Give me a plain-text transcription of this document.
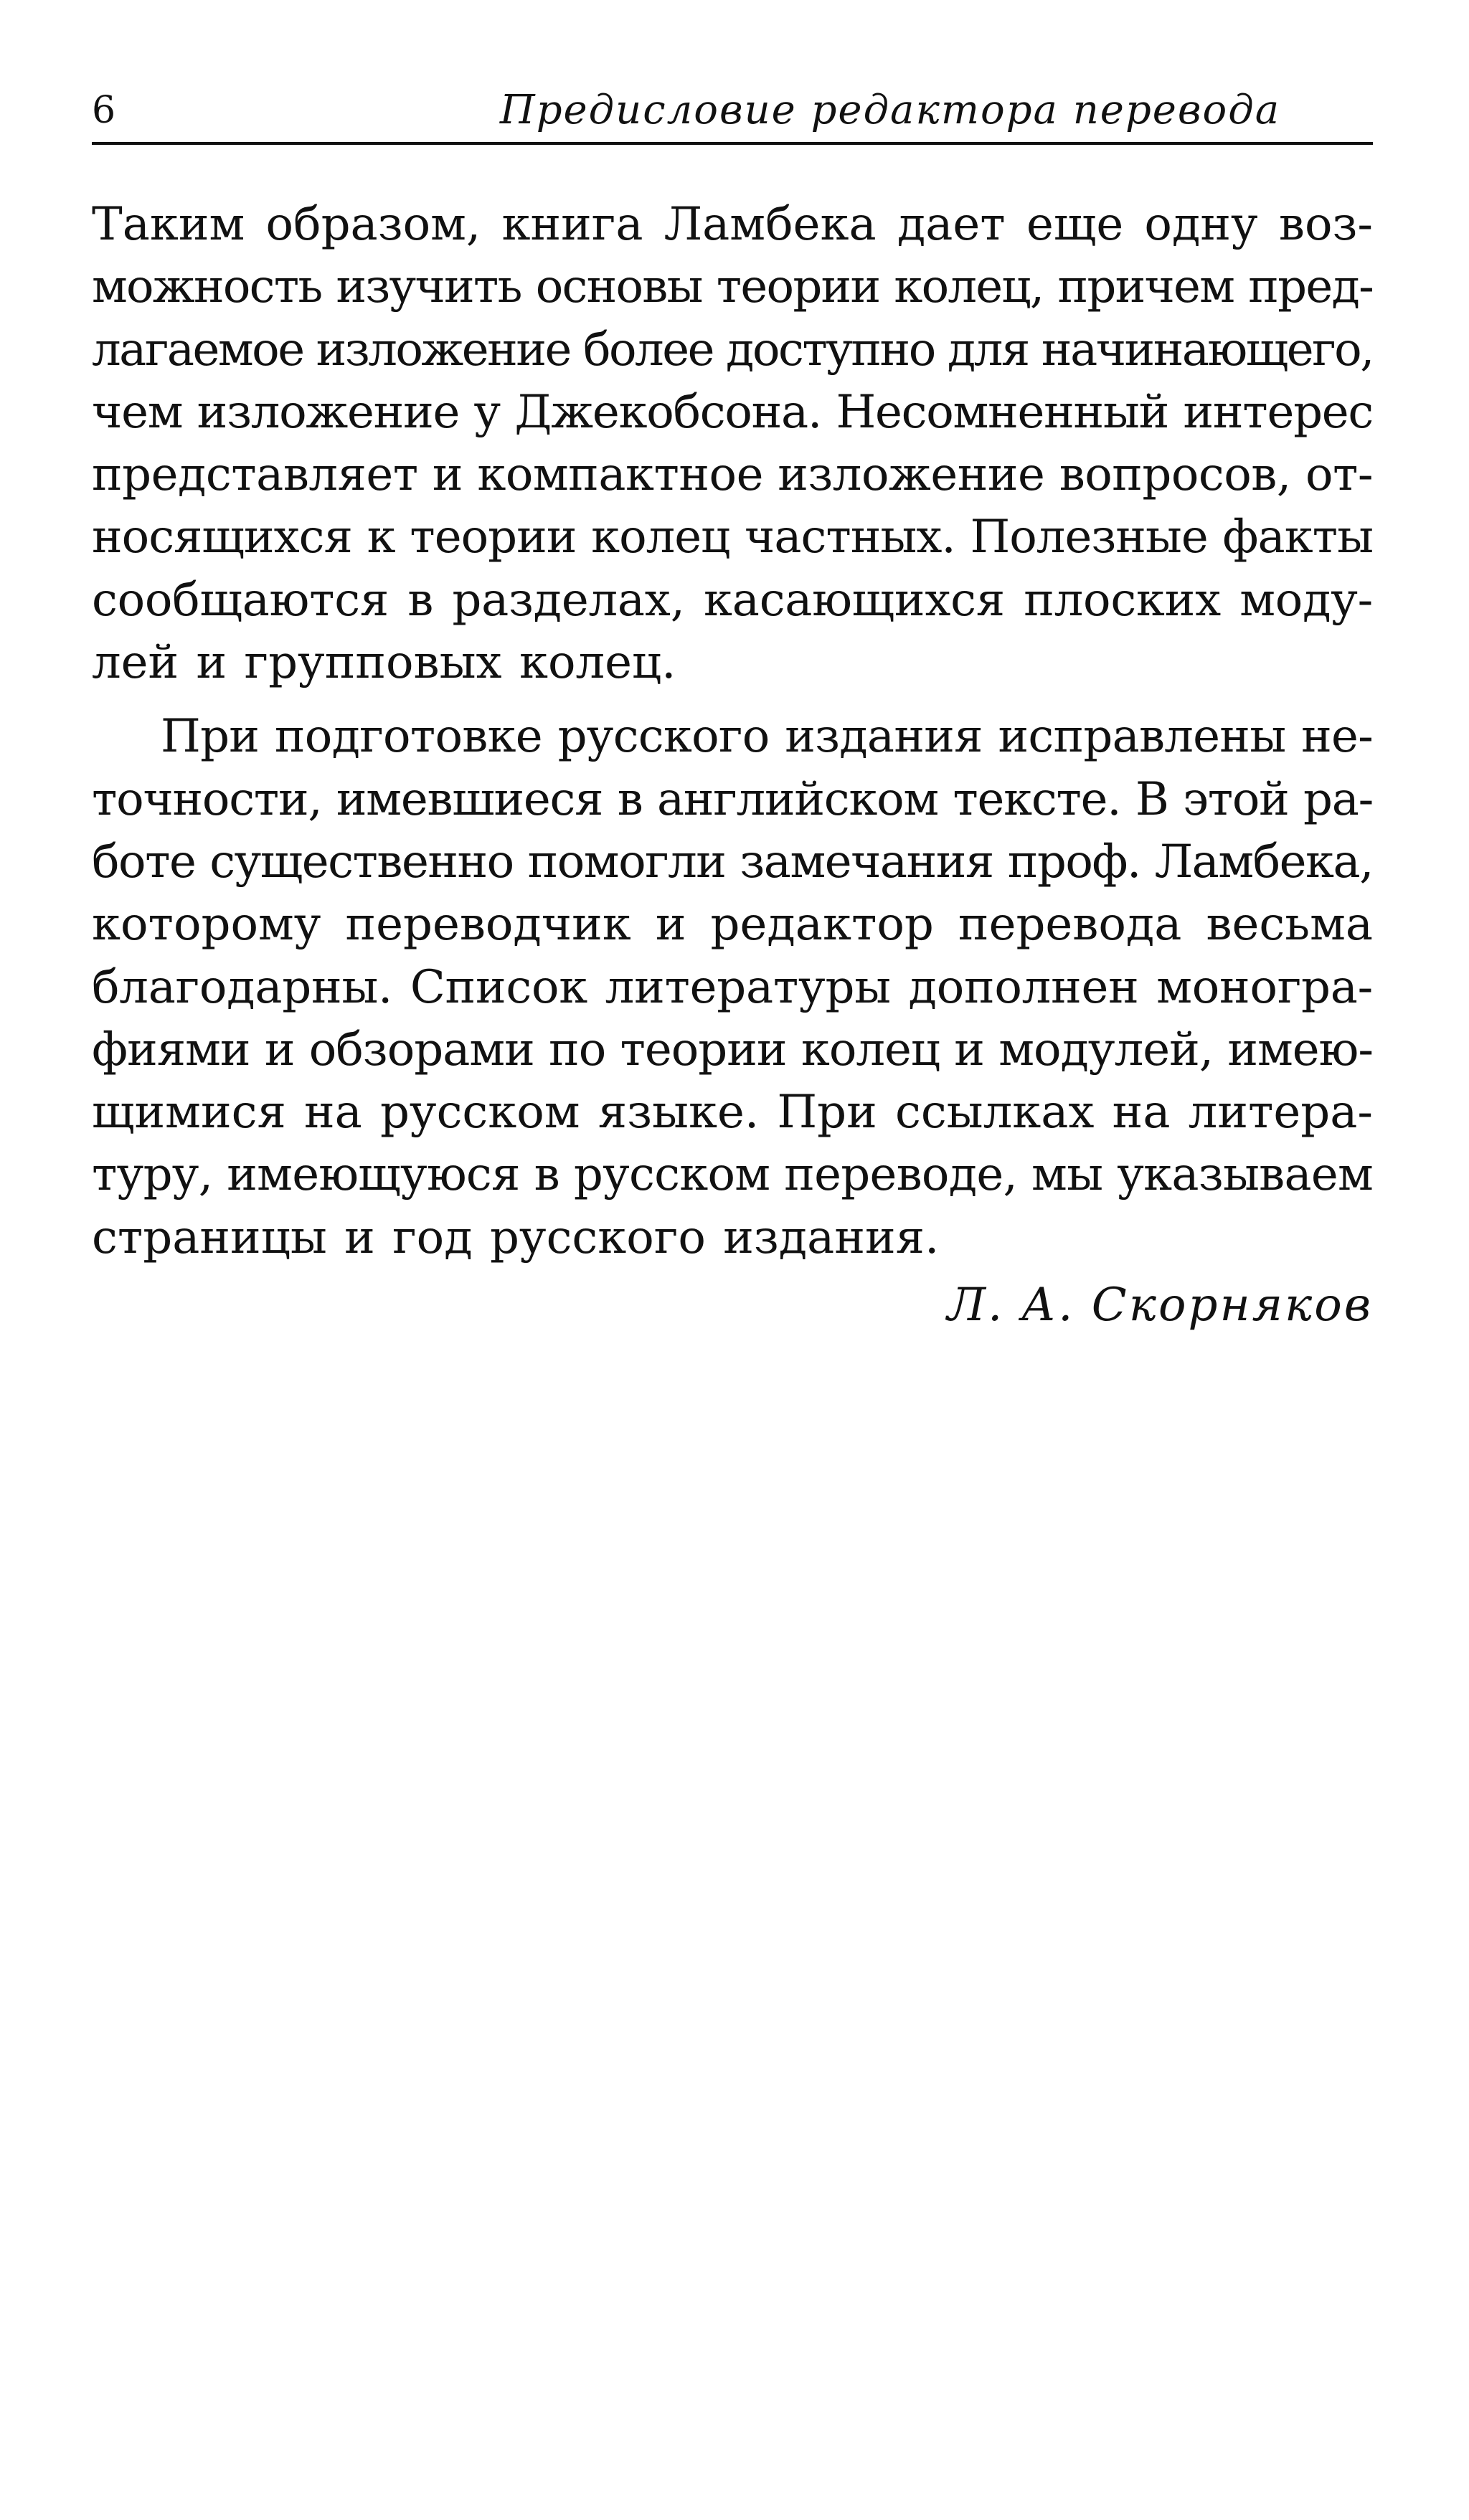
6	Предисловие редактора перевода
Таким образом, книга Ламбека дает еще одну воз-
можность изучить основы теории колец, причем пред-
лагаемое изложение более доступно для начинающего,
чем изложение у Джекобсона. Несомненный интерес
представляет и компактное изложение вопросов, от-
носящихся к теории колец частных. Полезные факты
сообщаются в разделах, касающихся плоских моду-
лей и групповых колец.
При подготовке русского издания исправлены не-
точности, имевшиеся в английском тексте. В этой ра-
боте существенно помогли замечания проф. Ламбека,
которому переводчик и редактор перевода весьма
благодарны. Список литературы дополнен моногра-
фиями и обзорами по теории колец и модулей, имею-
щимися на русском языке. При ссылках на литера-
туру, имеющуюся в русском переводе, мы указываем
страницы и год русского издания.
Л. А. Скорняков
